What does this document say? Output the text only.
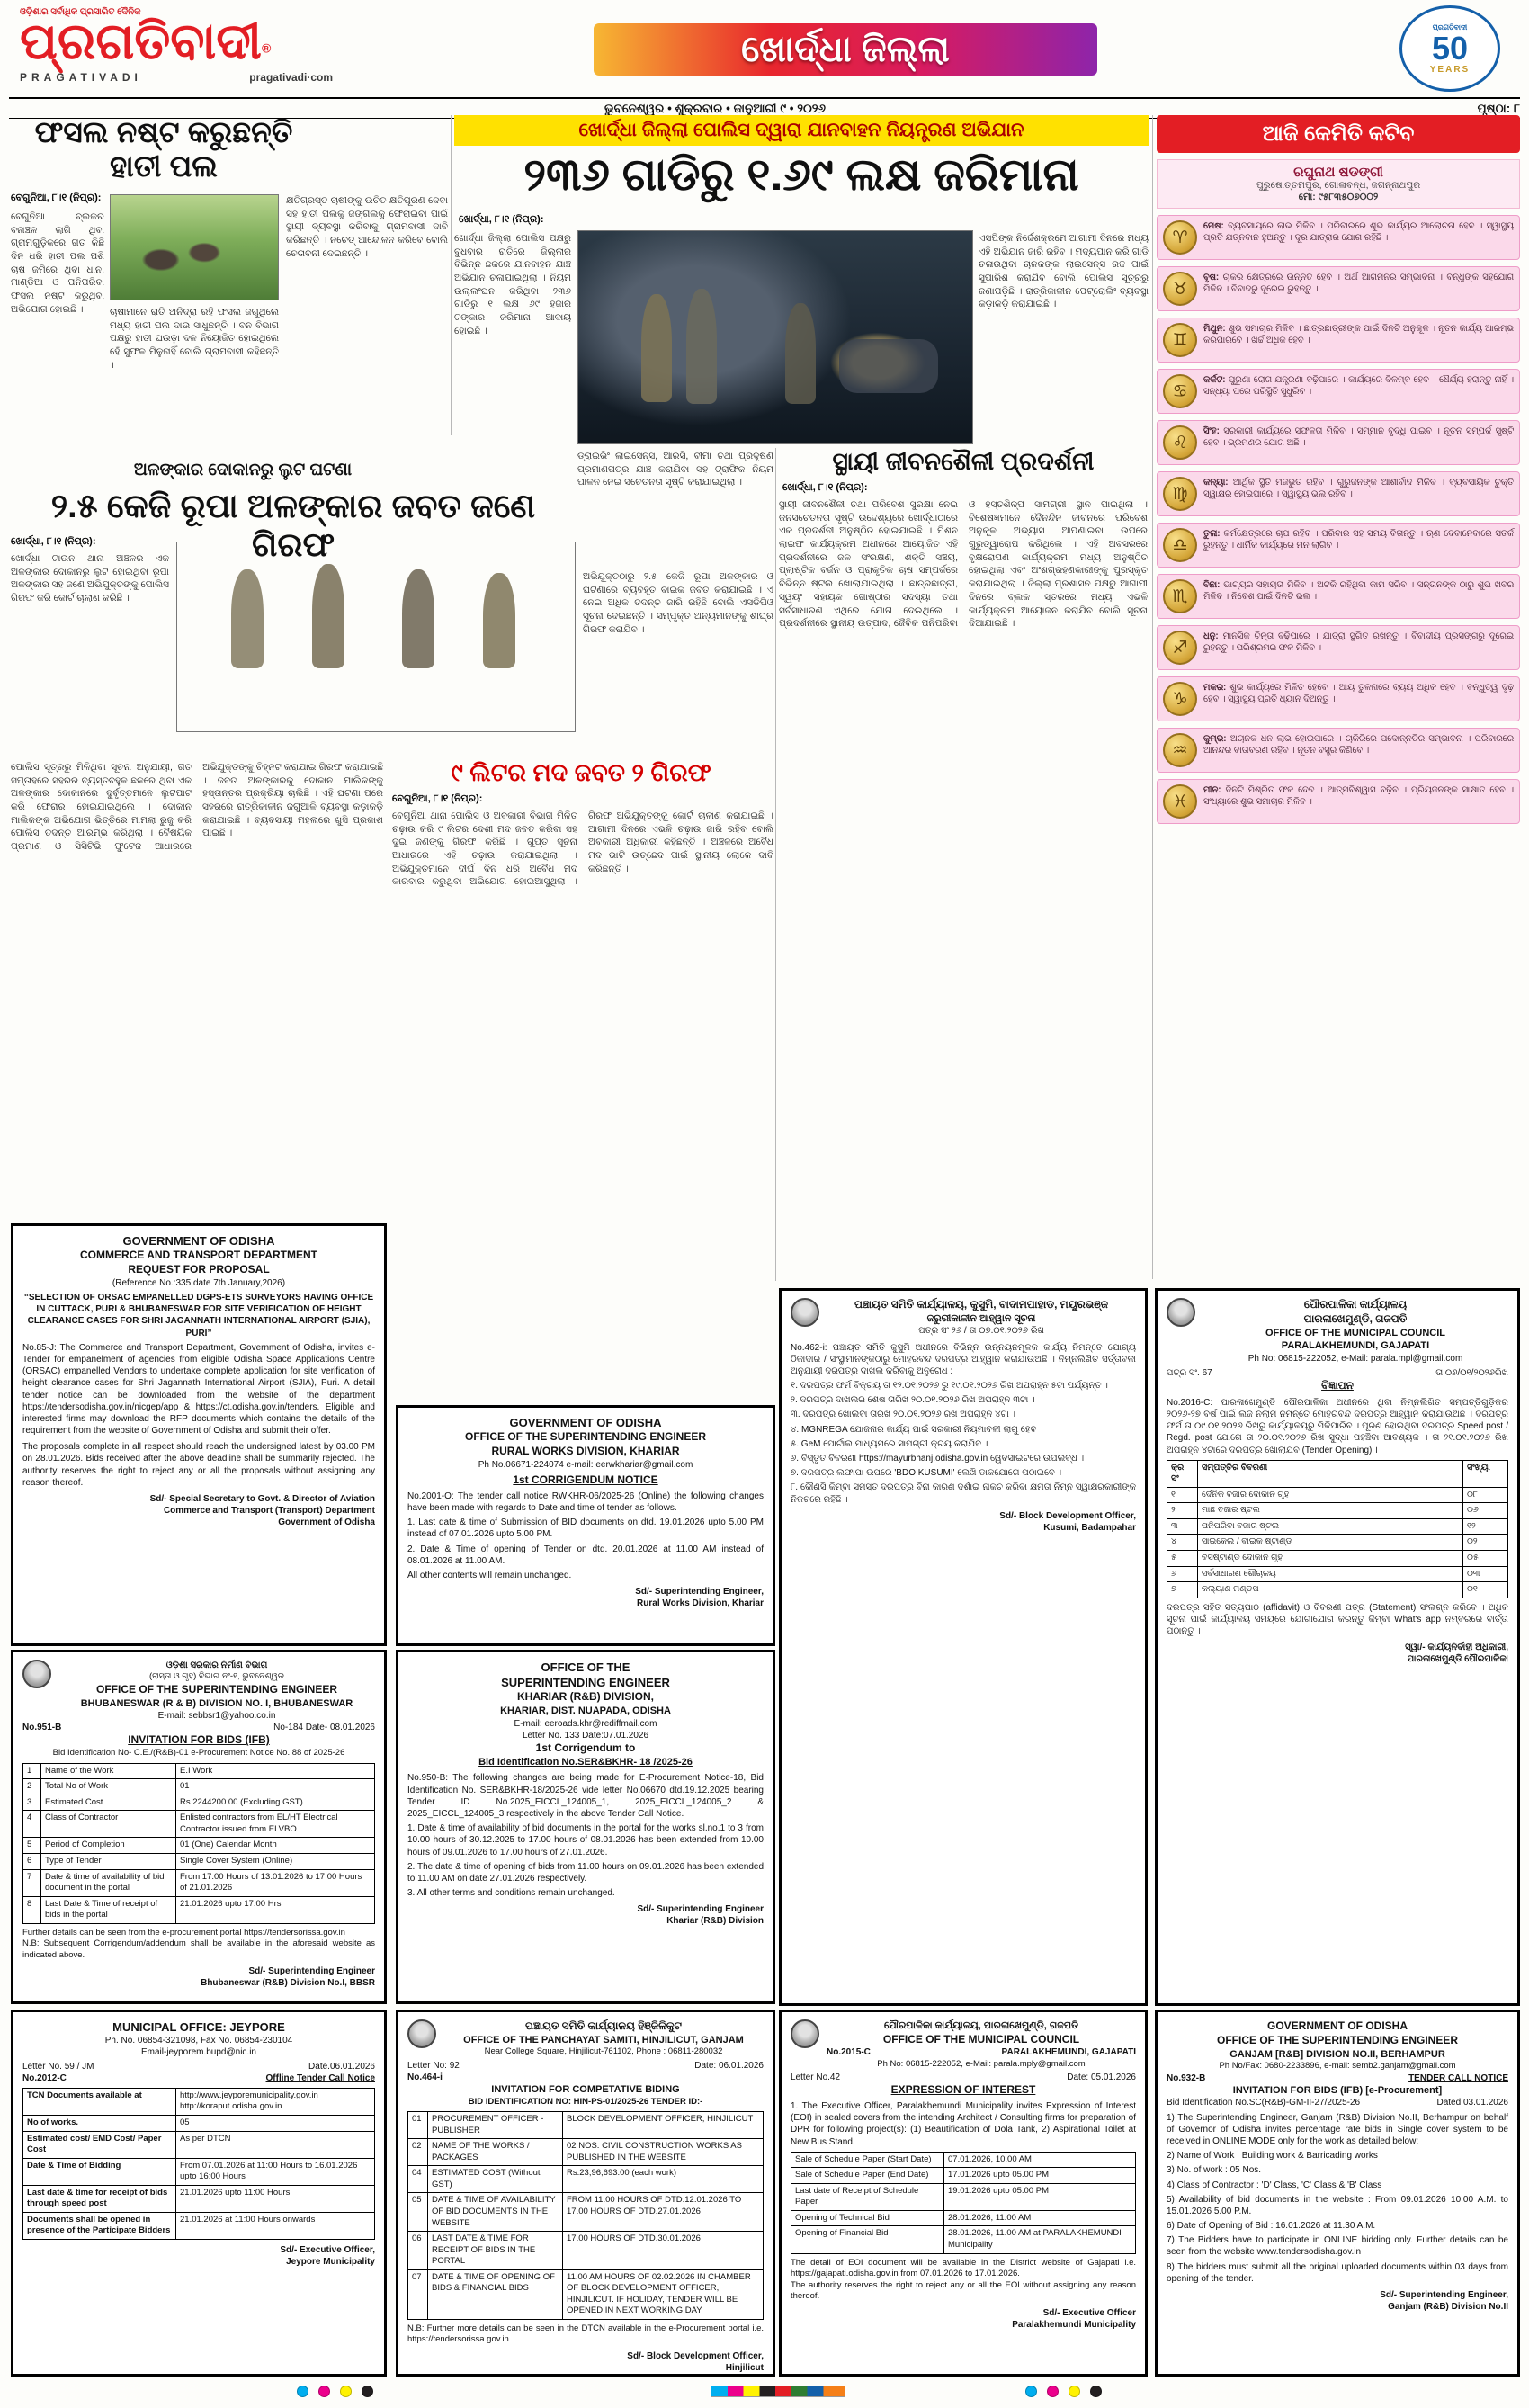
ଓଡ଼ିଶାର ସର୍ବାଧିକ ପ୍ରସାରିତ ଦୈନିକ
ପ୍ରଗତିବାଦୀ®
PRAGATIVADI	pragativadi·com
ଖୋର୍ଦ୍ଧା ଜିଲ୍ଲା
ପ୍ରଗତିବାଦୀ
50
YEARS
ଭୁବନେଶ୍ୱର • ଶୁକ୍ରବାର • ଜାନୁଆରୀ ୯ • ୨୦୨୬	ପୃଷ୍ଠା: ୮
ଫସଲ ନଷ୍ଟ କରୁଛନ୍ତି ହାତୀ ପଲ
ବେଗୁନିଆ, ୮।୧ (ନିପ୍ର):
ବେଗୁନିଆ ବ୍ଲକର ବନାଞ୍ଚଳ ଲାଗି ଥିବା ଗ୍ରାମଗୁଡ଼ିକରେ ଗତ କିଛି ଦିନ ଧରି ହାତୀ ପଲ ପଶି ଚାଷ ଜମିରେ ଥିବା ଧାନ, ମାଣ୍ଡିଆ ଓ ପନିପରିବା ଫସଲ ନଷ୍ଟ କରୁଥିବା ଅଭିଯୋଗ ହୋଇଛି ।	ଚାଷୀମାନେ ରାତି ଅନିଦ୍ରା ରହି ଫସଲ ଜଗୁଥିଲେ ମଧ୍ୟ ହାତୀ ପଲ ଦାଉ ସାଧୁଛନ୍ତି । ବନ ବିଭାଗ ପକ୍ଷରୁ ହାତୀ ଘଉଡ଼ା ଦଳ ନିୟୋଜିତ ହୋଇଥିଲେ ହେଁ ସୁଫଳ ମିଳୁନାହିଁ ବୋଲି ଗ୍ରାମବାସୀ କହିଛନ୍ତି ।
କ୍ଷତିଗ୍ରସ୍ତ ଚାଷୀଙ୍କୁ ଉଚିତ କ୍ଷତିପୂରଣ ଦେବା ସହ ହାତୀ ପଲକୁ ଜଙ୍ଗଲକୁ ଫେରାଇବା ପାଇଁ ସ୍ଥାୟୀ ବ୍ୟବସ୍ଥା କରିବାକୁ ଗ୍ରାମବାସୀ ଦାବି କରିଛନ୍ତି । ନଚେତ୍ ଆନ୍ଦୋଳନ କରିବେ ବୋଲି ଚେତାବନୀ ଦେଇଛନ୍ତି ।
ଖୋର୍ଦ୍ଧା ଜିଲ୍ଲା ପୋଲିସ ଦ୍ୱାରା ଯାନବାହନ ନିୟନ୍ତ୍ରଣ ଅଭିଯାନ
୨୩୬ ଗାଡିରୁ ୧.୬୯ ଲକ୍ଷ ଜରିମାନା
ଖୋର୍ଦ୍ଧା, ୮।୧ (ନିପ୍ର):
ଖୋର୍ଦ୍ଧା ଜିଲ୍ଲା ପୋଲିସ ପକ୍ଷରୁ ବୁଧବାର ରାତିରେ ଜିଲ୍ଲାର ବିଭିନ୍ନ ଛକରେ ଯାନବାହନ ଯାଞ୍ଚ ଅଭିଯାନ ଚଳାଯାଇଥିଲା । ନିୟମ ଉଲ୍ଲଂଘନ କରିଥିବା ୨୩୬ ଗାଡିରୁ ୧ ଲକ୍ଷ ୬୯ ହଜାର ଟଙ୍କାର ଜରିମାନା ଆଦାୟ ହୋଇଛି ।
ଏସପିଙ୍କ ନିର୍ଦ୍ଦେଶକ୍ରମେ ଆଗାମୀ ଦିନରେ ମଧ୍ୟ ଏହି ଅଭିଯାନ ଜାରି ରହିବ । ମଦ୍ୟପାନ କରି ଗାଡି ଚଳାଉଥିବା ଚାଳକଙ୍କ ଲାଇସେନ୍ସ ରଦ୍ଦ ପାଇଁ ସୁପାରିଶ କରାଯିବ ବୋଲି ପୋଲିସ ସୂତ୍ରରୁ ଜଣାପଡ଼ିଛି । ରାତ୍ରିକାଳୀନ ପେଟ୍ରୋଲିଂ ବ୍ୟବସ୍ଥା କଡ଼ାକଡ଼ି କରାଯାଇଛି ।
ଡ୍ରାଇଭିଂ ଲାଇସେନ୍ସ, ଆରସି, ବୀମା ତଥା ପ୍ରଦୂଷଣ ପ୍ରମାଣପତ୍ର ଯାଞ୍ଚ କରାଯିବା ସହ ଟ୍ରାଫିକ ନିୟମ ପାଳନ ନେଇ ସଚେତନତା ସୃଷ୍ଟି କରାଯାଇଥିଲା ।
ଅଳଙ୍କାର ଦୋକାନରୁ ଲୁଟ ଘଟଣା
୨.୫ କେଜି ରୂପା ଅଳଙ୍କାର ଜବତ ଜଣେ ଗିରଫ
ଖୋର୍ଦ୍ଧା, ୮।୧ (ନିପ୍ର):
ଖୋର୍ଦ୍ଧା ଟାଉନ ଥାନା ଅଞ୍ଚଳର ଏକ ଅଳଙ୍କାର ଦୋକାନରୁ ଲୁଟ ହୋଇଥିବା ରୂପା ଅଳଙ୍କାର ସହ ଜଣେ ଅଭିଯୁକ୍ତଙ୍କୁ ପୋଲିସ ଗିରଫ କରି କୋର୍ଟ ଚାଲାଣ କରିଛି ।
ଅଭିଯୁକ୍ତଠାରୁ ୨.୫ କେଜି ରୂପା ଅଳଙ୍କାର ଓ ଘଟଣାରେ ବ୍ୟବହୃତ ବାଇକ ଜବତ କରାଯାଇଛି । ଏ ନେଇ ଅଧିକ ତଦନ୍ତ ଜାରି ରହିଛି ବୋଲି ଏସଡିପିଓ ସୂଚନା ଦେଇଛନ୍ତି । ସମ୍ପୃକ୍ତ ଅନ୍ୟମାନଙ୍କୁ ଶୀଘ୍ର ଗିରଫ କରାଯିବ ।
ପୋଲିସ ସୂତ୍ରରୁ ମିଳିଥିବା ସୂଚନା ଅନୁଯାୟୀ, ଗତ ସପ୍ତାହରେ ସହରର ବ୍ୟସ୍ତବହୁଳ ଛକରେ ଥିବା ଏକ ଅଳଙ୍କାର ଦୋକାନରେ ଦୁର୍ବୃତ୍ତମାନେ ଲୁଟପାଟ କରି ଫେରାର ହୋଇଯାଇଥିଲେ । ଦୋକାନ ମାଲିକଙ୍କ ଅଭିଯୋଗ ଭିତ୍ତିରେ ମାମଲା ରୁଜୁ କରି ପୋଲିସ ତଦନ୍ତ ଆରମ୍ଭ କରିଥିଲା । ବୈଷୟିକ ପ୍ରମାଣ ଓ ସିସିଟିଭି ଫୁଟେଜ ଆଧାରରେ ଅଭିଯୁକ୍ତଙ୍କୁ ଚିହ୍ନଟ କରାଯାଇ ଗିରଫ କରାଯାଇଛି । ଜବତ ଅଳଙ୍କାରକୁ ଦୋକାନ ମାଲିକଙ୍କୁ ହସ୍ତାନ୍ତର ପ୍ରକ୍ରିୟା ଚାଲିଛି । ଏହି ଘଟଣା ପରେ ସହରରେ ରାତ୍ରିକାଳୀନ ଜଗୁଆଳି ବ୍ୟବସ୍ଥା କଡ଼ାକଡ଼ି କରାଯାଇଛି । ବ୍ୟବସାୟୀ ମହଲରେ ଖୁସି ପ୍ରକାଶ ପାଇଛି ।
୯ ଲିଟର ମଦ ଜବତ ୨ ଗିରଫ
ବେଗୁନିଆ, ୮।୧ (ନିପ୍ର):
ବେଗୁନିଆ ଥାନା ପୋଲିସ ଓ ଅବକାରୀ ବିଭାଗ ମିଳିତ ଚଢ଼ାଉ କରି ୯ ଲିଟର ଦେଶୀ ମଦ ଜବତ କରିବା ସହ ଦୁଇ ଜଣଙ୍କୁ ଗିରଫ କରିଛି । ଗୁପ୍ତ ସୂଚନା ଆଧାରରେ ଏହି ଚଢ଼ାଉ କରାଯାଇଥିଲା । ଅଭିଯୁକ୍ତମାନେ ଦୀର୍ଘ ଦିନ ଧରି ଅବୈଧ ମଦ କାରବାର କରୁଥିବା ଅଭିଯୋଗ ହୋଇଆସୁଥିଲା । ଗିରଫ ଅଭିଯୁକ୍ତଙ୍କୁ କୋର୍ଟ ଚାଲାଣ କରାଯାଇଛି । ଆଗାମୀ ଦିନରେ ଏଭଳି ଚଢ଼ାଉ ଜାରି ରହିବ ବୋଲି ଅବକାରୀ ଅଧିକାରୀ କହିଛନ୍ତି । ଅଞ୍ଚଳରେ ଅବୈଧ ମଦ ଭାଟି ଉଚ୍ଛେଦ ପାଇଁ ସ୍ଥାନୀୟ ଲୋକେ ଦାବି କରିଛନ୍ତି ।
ସ୍ଥାୟୀ ଜୀବନଶୈଳୀ ପ୍ରଦର୍ଶନୀ
ଖୋର୍ଦ୍ଧା, ୮।୧ (ନିପ୍ର):
ସ୍ଥାୟୀ ଜୀବନଶୈଳୀ ତଥା ପରିବେଶ ସୁରକ୍ଷା ନେଇ ଜନସଚେତନତା ସୃଷ୍ଟି ଉଦ୍ଦେଶ୍ୟରେ ଖୋର୍ଦ୍ଧାଠାରେ ଏକ ପ୍ରଦର୍ଶନୀ ଅନୁଷ୍ଠିତ ହୋଇଯାଇଛି । ମିଶନ ଲାଇଫ କାର୍ଯ୍ୟକ୍ରମ ଅଧୀନରେ ଆୟୋଜିତ ଏହି ପ୍ରଦର୍ଶନୀରେ ଜଳ ସଂରକ୍ଷଣ, ଶକ୍ତି ସଞ୍ଚୟ, ପ୍ଲାଷ୍ଟିକ ବର୍ଜନ ଓ ପ୍ରାକୃତିକ ଚାଷ ସମ୍ପର୍କରେ ବିଭିନ୍ନ ଷ୍ଟଲ ଖୋଲାଯାଇଥିଲା । ଛାତ୍ରଛାତ୍ରୀ, ସ୍ୱୟଂ ସହାୟକ ଗୋଷ୍ଠୀର ସଦସ୍ୟା ତଥା ସର୍ବସାଧାରଣ ଏଥିରେ ଯୋଗ ଦେଇଥିଲେ । ପ୍ରଦର୍ଶନୀରେ ସ୍ଥାନୀୟ ଉତ୍ପାଦ, ଜୈବିକ ପନିପରିବା ଓ ହସ୍ତଶିଳ୍ପ ସାମଗ୍ରୀ ସ୍ଥାନ ପାଇଥିଲା । ବିଶେଷଜ୍ଞମାନେ ଦୈନନ୍ଦିନ ଜୀବନରେ ପରିବେଶ ଅନୁକୂଳ ଅଭ୍ୟାସ ଆପଣାଇବା ଉପରେ ଗୁରୁତ୍ୱାରୋପ କରିଥିଲେ । ଏହି ଅବସରରେ ବୃକ୍ଷରୋପଣ କାର୍ଯ୍ୟକ୍ରମ ମଧ୍ୟ ଅନୁଷ୍ଠିତ ହୋଇଥିଲା ଏବଂ ଅଂଶଗ୍ରହଣକାରୀଙ୍କୁ ପୁରସ୍କୃତ କରାଯାଇଥିଲା । ଜିଲ୍ଲା ପ୍ରଶାସନ ପକ୍ଷରୁ ଆଗାମୀ ଦିନରେ ବ୍ଲକ ସ୍ତରରେ ମଧ୍ୟ ଏଭଳି କାର୍ଯ୍ୟକ୍ରମ ଆୟୋଜନ କରାଯିବ ବୋଲି ସୂଚନା ଦିଆଯାଇଛି ।
ଆଜି କେମିତି କଟିବ
ରଘୁନାଥ ଷଡଙ୍ଗୀ
ପୁରୁଷୋତ୍ତମପୁର, ଗୋଳାବନ୍ଧ, ଜଗନ୍ନାଥପୁର
ମୋ: ୯୫୮୩୫୦୭୦୦୨
♈
ମେଷ: ବ୍ୟବସାୟରେ ଲାଭ ମିଳିବ । ପରିବାରରେ ଶୁଭ କାର୍ଯ୍ୟର ଆଲୋଚନା ହେବ । ସ୍ୱାସ୍ଥ୍ୟ ପ୍ରତି ଯତ୍ନବାନ ହୁଅନ୍ତୁ । ଦୂର ଯାତ୍ରାର ଯୋଗ ରହିଛି ।
♉
ବୃଷ: ଚାକିରି କ୍ଷେତ୍ରରେ ଉନ୍ନତି ହେବ । ଅର୍ଥ ଆଗମନର ସମ୍ଭାବନା । ବନ୍ଧୁଙ୍କ ସହଯୋଗ ମିଳିବ । ବିବାଦରୁ ଦୂରେଇ ରୁହନ୍ତୁ ।
♊
ମିଥୁନ: ଶୁଭ ସମାଚାର ମିଳିବ । ଛାତ୍ରଛାତ୍ରୀଙ୍କ ପାଇଁ ଦିନଟି ଅନୁକୂଳ । ନୂତନ କାର୍ଯ୍ୟ ଆରମ୍ଭ କରିପାରିବେ । ଖର୍ଚ୍ଚ ଅଧିକ ହେବ ।
♋
କର୍କଟ: ପୁରୁଣା ରୋଗ ଯନ୍ତ୍ରଣା ବଢ଼ିପାରେ । କାର୍ଯ୍ୟରେ ବିଳମ୍ବ ହେବ । ଧୈର୍ଯ୍ୟ ହରାନ୍ତୁ ନାହିଁ । ସନ୍ଧ୍ୟା ପରେ ପରିସ୍ଥିତି ସୁଧୁରିବ ।
♌
ସିଂହ: ସରକାରୀ କାର୍ଯ୍ୟରେ ସଫଳତା ମିଳିବ । ସମ୍ମାନ ବୃଦ୍ଧି ପାଇବ । ନୂତନ ସମ୍ପର୍କ ସୃଷ୍ଟି ହେବ । ଭ୍ରମଣର ଯୋଗ ଅଛି ।
♍
କନ୍ୟା: ଆର୍ଥିକ ସ୍ଥିତି ମଜଭୁତ ରହିବ । ଗୁରୁଜନଙ୍କ ଆଶୀର୍ବାଦ ମିଳିବ । ବ୍ୟବସାୟିକ ଚୁକ୍ତି ସ୍ୱାକ୍ଷର ହୋଇପାରେ । ସ୍ୱାସ୍ଥ୍ୟ ଭଲ ରହିବ ।
♎
ତୁଳା: କର୍ମକ୍ଷେତ୍ରରେ ଚାପ ରହିବ । ପରିବାର ସହ ସମୟ ବିତାନ୍ତୁ । ଋଣ ଦେବାନେବାରେ ସତର୍କ ରୁହନ୍ତୁ । ଧାର୍ମିକ କାର୍ଯ୍ୟରେ ମନ ଲାଗିବ ।
♏
ବିଛା: ଭାଗ୍ୟର ସହାୟତା ମିଳିବ । ଅଟକି ରହିଥିବା କାମ ସରିବ । ସନ୍ତାନଙ୍କ ଠାରୁ ଶୁଭ ଖବର ମିଳିବ । ନିବେଶ ପାଇଁ ଦିନଟି ଭଲ ।
♐
ଧନୁ: ମାନସିକ ଚିନ୍ତା ବଢ଼ିପାରେ । ଯାତ୍ରା ସ୍ଥଗିତ ରଖନ୍ତୁ । ବିବାଦୀୟ ପ୍ରସଙ୍ଗରୁ ଦୂରେଇ ରୁହନ୍ତୁ । ପରିଶ୍ରମର ଫଳ ମିଳିବ ।
♑
ମକର: ଶୁଭ କାର୍ଯ୍ୟରେ ମିଳିତ ହେବେ । ଆୟ ତୁଳନାରେ ବ୍ୟୟ ଅଧିକ ହେବ । ବନ୍ଧୁତ୍ୱ ଦୃଢ଼ ହେବ । ସ୍ୱାସ୍ଥ୍ୟ ପ୍ରତି ଧ୍ୟାନ ଦିଅନ୍ତୁ ।
♒
କୁମ୍ଭ: ଅଚାନକ ଧନ ଲାଭ ହୋଇପାରେ । ଚାକିରିରେ ପଦୋନ୍ନତିର ସମ୍ଭାବନା । ପରିବାରରେ ଆନନ୍ଦର ବାତାବରଣ ରହିବ । ନୂତନ ବସ୍ତ୍ର କିଣିବେ ।
♓
ମୀନ: ଦିନଟି ମିଶ୍ରିତ ଫଳ ଦେବ । ଆତ୍ମବିଶ୍ୱାସ ବଢ଼ିବ । ପ୍ରିୟଜନଙ୍କ ସାକ୍ଷାତ ହେବ । ସଂଧ୍ୟାରେ ଶୁଭ ସମାଚାର ମିଳିବ ।
GOVERNMENT OF ODISHA
COMMERCE AND TRANSPORT DEPARTMENT
REQUEST FOR PROPOSAL
(Reference No.:335 date 7th January,2026)
“SELECTION OF ORSAC EMPANELLED DGPS-ETS SURVEYORS HAVING OFFICE IN CUTTACK, PURI & BHUBANESWAR FOR SITE VERIFICATION OF HEIGHT CLEARANCE CASES FOR SHRI JAGANNATH INTERNATIONAL AIRPORT (SJIA), PURI”
No.85-J: The Commerce and Transport Department, Government of Odisha, invites e-Tender for empanelment of agencies from eligible Odisha Space Applications Centre (ORSAC) empanelled Vendors to undertake complete application for site verification of height clearance cases for Shri Jagannath International Airport (SJIA), Puri. A detail tender notice can be downloaded from the website of the department https://tendersodisha.gov.in/nicgep/app & https://ct.odisha.gov.in/tenders. Eligible and interested firms may download the RFP documents which contains the details of the requirement from the website of Government of Odisha and submit their offer.
The proposals complete in all respect should reach the undersigned latest by 03.00 PM on 28.01.2026. Bids received after the above deadline shall be summarily rejected. The authority reserves the right to reject any or all the proposals without assigning any reason thereof.
Sd/- Special Secretary to Govt. & Director of Aviation
Commerce and Transport (Transport) Department
Government of Odisha
GOVERNMENT OF ODISHA
OFFICE OF THE SUPERINTENDING ENGINEER
RURAL WORKS DIVISION, KHARIAR
Ph No.06671-224074 e-mail: eerwkhariar@gmail.com
1st CORRIGENDUM NOTICE
No.2001-O: The tender call notice RWKHR-06/2025-26 (Online) the following changes have been made with regards to Date and time of tender as follows.
1. Last date & time of Submission of BID documents on dtd. 19.01.2026 upto 5.00 PM instead of 07.01.2026 upto 5.00 PM.
2. Date & Time of opening of Tender on dtd. 20.01.2026 at 11.00 AM instead of 08.01.2026 at 11.00 AM.
All other contents will remain unchanged.
Sd/- Superintending Engineer,
Rural Works Division, Khariar
ପଞ୍ଚାୟତ ସମିତି କାର୍ଯ୍ୟାଳୟ, କୁସୁମି, ବାଦାମପାହାଡ, ମୟୂରଭଞ୍ଜ
ଜରୁରୀକାଳୀନ ଆହ୍ୱାନ ସୂଚନା
ପତ୍ର ସଂ ୨୬ / ତା ୦୭.୦୧.୨୦୨୬ ରିଖ
No.462-i: ପଞ୍ଚାୟତ ସମିତି କୁସୁମି ଅଧୀନରେ ବିଭିନ୍ନ ଉନ୍ନୟନମୂଳକ କାର୍ଯ୍ୟ ନିମନ୍ତେ ଯୋଗ୍ୟ ଠିକାଦାର / ସଂସ୍ଥାମାନଙ୍କଠାରୁ ମୋହରବନ୍ଦ ଦରପତ୍ର ଆହ୍ୱାନ କରାଯାଉଅଛି । ନିମ୍ନଲିଖିତ ସର୍ତ୍ତାବଳୀ ଅନୁଯାୟୀ ଦରପତ୍ର ଦାଖଲ କରିବାକୁ ଅନୁରୋଧ :
୧. ଦରପତ୍ର ଫର୍ମ ବିକ୍ରୟ ତା ୧୨.୦୧.୨୦୨୬ ରୁ ୧୯.୦୧.୨୦୨୬ ରିଖ ଅପରାହ୍ନ ୫ଟା ପର୍ଯ୍ୟନ୍ତ ।
୨. ଦରପତ୍ର ଦାଖଲର ଶେଷ ତାରିଖ ୨୦.୦୧.୨୦୨୬ ରିଖ ଅପରାହ୍ନ ୩ଟା ।
୩. ଦରପତ୍ର ଖୋଲିବା ତାରିଖ ୨୦.୦୧.୨୦୨୬ ରିଖ ଅପରାହ୍ନ ୪ଟା ।
୪. MGNREGA ଯୋଜନାର କାର୍ଯ୍ୟ ପାଇଁ ସରକାରୀ ନିୟମାବଳୀ ଲାଗୁ ହେବ ।
୫. GeM ପୋର୍ଟାଲ ମାଧ୍ୟମରେ ସାମଗ୍ରୀ କ୍ରୟ କରାଯିବ ।
୬. ବିସ୍ତୃତ ବିବରଣୀ https://mayurbhanj.odisha.gov.in ୱେବସାଇଟରେ ଉପଲବ୍ଧ ।
୭. ଦରପତ୍ର ଲଫାପା ଉପରେ 'BDO KUSUMI' ଲେଖି ଡାକଯୋଗେ ପଠାଇବେ ।
୮. କୌଣସି କିମ୍ବା ସମସ୍ତ ଦରପତ୍ର ବିନା କାରଣ ଦର୍ଶାଇ ନାକଚ କରିବା କ୍ଷମତା ନିମ୍ନ ସ୍ୱାକ୍ଷରକାରୀଙ୍କ ନିକଟରେ ରହିଛି ।
Sd/- Block Development Officer,
Kusumi, Badampahar
ପୌରପାଳିକା କାର୍ଯ୍ୟାଳୟ
ପାରଳାଖେମୁଣ୍ଡି, ଗଜପତି
OFFICE OF THE MUNICIPAL COUNCIL
PARALAKHEMUNDI, GAJAPATI
Ph No: 06815-222052, e-Mail: parala.mpl@gmail.com
ପତ୍ର ସଂ. 67	ତା.୦୬/୦୧/୨୦୨୬ରିଖ
ବିଜ୍ଞାପନ
No.2016-C: ପାରଳାଖେମୁଣ୍ଡି ପୌରପାଳିକା ଅଧୀନରେ ଥିବା ନିମ୍ନଲିଖିତ ସମ୍ପତ୍ତିଗୁଡ଼ିକର ୨୦୨୬-୨୭ ବର୍ଷ ପାଇଁ ଲିଜ ନିଲାମ ନିମନ୍ତେ ମୋହରବନ୍ଦ ଦରପତ୍ର ଆହ୍ୱାନ କରାଯାଉଅଛି । ଦରପତ୍ର ଫର୍ମ ତା ୦୯.୦୧.୨୦୨୬ ରିଖରୁ କାର୍ଯ୍ୟାଳୟରୁ ମିଳିପାରିବ । ପୂରଣ ହୋଇଥିବା ଦରପତ୍ର Speed post / Regd. post ଯୋଗେ ତା ୨୦.୦୧.୨୦୨୬ ରିଖ ସୁଦ୍ଧା ପହଞ୍ଚିବା ଆବଶ୍ୟକ । ତା ୨୧.୦୧.୨୦୨୬ ରିଖ ଅପରାହ୍ନ ୪ଟାରେ ଦରପତ୍ର ଖୋଲାଯିବ (Tender Opening) ।
କ୍ର ସଂ	ସମ୍ପତ୍ତିର ବିବରଣୀ	ସଂଖ୍ୟା
୧	ଦୈନିକ ବଜାର ଦୋକାନ ଗୃହ	୦୮
୨	ମାଛ ବଜାର ଷ୍ଟଲ	୦୬
୩	ପନିପରିବା ବଜାର ଷ୍ଟଲ	୧୨
୪	ସାଇକେଲ / ବାଇକ ଷ୍ଟାଣ୍ଡ	୦୨
୫	ବସଷ୍ଟାଣ୍ଡ ଦୋକାନ ଗୃହ	୦୫
୬	ସର୍ବସାଧାରଣ ଶୌଚାଳୟ	୦୩
୭	କଲ୍ୟାଣ ମଣ୍ଡପ	୦୧
ଦରପତ୍ର ସହିତ ସତ୍ୟପାଠ (affidavit) ଓ ବିବରଣୀ ପତ୍ର (Statement) ସଂଲଗ୍ନ କରିବେ । ଅଧିକ ସୂଚନା ପାଇଁ କାର୍ଯ୍ୟାଳୟ ସମୟରେ ଯୋଗାଯୋଗ କରନ୍ତୁ କିମ୍ବା What's app ନମ୍ବରରେ ବାର୍ତ୍ତା ପଠାନ୍ତୁ ।
ସ୍ୱା/- କାର୍ଯ୍ୟନିର୍ବାହୀ ଅଧିକାରୀ,
ପାରଳାଖେମୁଣ୍ଡି ପୌରପାଳିକା
ଓଡ଼ିଶା ସରକାର ନିର୍ମାଣ ବିଭାଗ
(ରାସ୍ତା ଓ ଗୃହ) ବିଭାଗ ନଂ-୧, ଭୁବନେଶ୍ୱର
OFFICE OF THE SUPERINTENDING ENGINEER
BHUBANESWAR (R & B) DIVISION NO. I, BHUBANESWAR
E-mail: sebbsr1@yahoo.co.in
No.951-B	No-184 Date- 08.01.2026
INVITATION FOR BIDS (IFB)
Bid Identification No- C.E./(R&B)-01 e-Procurement Notice No. 88 of 2025-26
1	Name of the Work	E.I Work
2	Total No of Work	01
3	Estimated Cost	Rs.2244200.00 (Excluding GST)
4	Class of Contractor	Enlisted contractors from EL/HT Electrical Contractor issued from ELVBO
5	Period of Completion	01 (One) Calendar Month
6	Type of Tender	Single Cover System (Online)
7	Date & time of availability of bid document in the portal	From 17.00 Hours of 13.01.2026 to 17.00 Hours of 21.01.2026
8	Last Date & Time of receipt of bids in the portal	21.01.2026 upto 17.00 Hrs
Further details can be seen from the e-procurement portal https://tendersorissa.gov.in
N.B: Subsequent Corrigendum/addendum shall be available in the aforesaid website as indicated above.
Sd/- Superintending Engineer
Bhubaneswar (R&B) Division No.I, BBSR
OFFICE OF THE
SUPERINTENDING ENGINEER
KHARIAR (R&B) DIVISION,
KHARIAR, DIST. NUAPADA, ODISHA
E-mail: eeroads.khr@rediffmail.com
Letter No. 133 Date:07.01.2026
1st Corrigendum to
Bid Identification No.SER&BKHR- 18 /2025-26
No.950-B: The following changes are being made for E-Procurement Notice-18, Bid Identification No. SER&BKHR-18/2025-26 vide letter No.06670 dtd.19.12.2025 bearing Tender ID No.2025_EICCL_124005_1, 2025_EICCL_124005_2 & 2025_EICCL_124005_3 respectively in the above Tender Call Notice.
1. Date & time of availability of bid documents in the portal for the works sl.no.1 to 3 from 10.00 hours of 30.12.2025 to 17.00 hours of 08.01.2026 has been extended from 10.00 hours of 09.01.2026 to 17.00 hours of 27.01.2026.
2. The date & time of opening of bids from 11.00 hours on 09.01.2026 has been extended to 11.00 AM on date 27.01.2026 respectively.
3. All other terms and conditions remain unchanged.
Sd/- Superintending Engineer
Khariar (R&B) Division
MUNICIPAL OFFICE: JEYPORE
Ph. No. 06854-321098, Fax No. 06854-230104
Email-jeyporem.bupd@nic.in
Letter No. 59 / JM	Date.06.01.2026
No.2012-C	Offline Tender Call Notice
TCN Documents available at	http://www.jeyporemunicipality.gov.in http://koraput.odisha.gov.in
No of works.	05
Estimated cost/ EMD Cost/ Paper Cost	As per DTCN
Date & Time of Bidding	From 07.01.2026 at 11:00 Hours to 16.01.2026 upto 16:00 Hours
Last date & time for receipt of bids through speed post	21.01.2026 upto 11:00 Hours
Documents shall be opened in presence of the Participate Bidders	21.01.2026 at 11:00 Hours onwards
Sd/- Executive Officer,
Jeypore Municipality
ପଞ୍ଚାୟତ ସମିତି କାର୍ଯ୍ୟାଳୟ ହିଞ୍ଜିଳିକୁଟ
OFFICE OF THE PANCHAYAT SAMITI, HINJILICUT, GANJAM
Near College Square, Hinjilicut-761102, Phone : 06811-280032
Letter No: 92	Date: 06.01.2026
No.464-i
INVITATION FOR COMPETATIVE BIDING
BID IDENTIFICATION NO: HIN-PS-01/2025-26 TENDER ID:-
01	PROCUREMENT OFFICER - PUBLISHER	BLOCK DEVELOPMENT OFFICER, HINJILICUT
02	NAME OF THE WORKS / PACKAGES	02 NOS. CIVIL CONSTRUCTION WORKS AS PUBLISHED IN THE WEBSITE
04	ESTIMATED COST (Without GST)	Rs.23,96,693.00 (each work)
05	DATE & TIME OF AVAILABILITY OF BID DOCUMENTS IN THE WEBSITE	FROM 11.00 HOURS OF DTD.12.01.2026 TO 17.00 HOURS OF DTD.27.01.2026
06	LAST DATE & TIME FOR RECEIPT OF BIDS IN THE PORTAL	17.00 HOURS OF DTD.30.01.2026
07	DATE & TIME OF OPENING OF BIDS & FINANCIAL BIDS	11.00 AM HOURS OF 02.02.2026 IN CHAMBER OF BLOCK DEVELOPMENT OFFICER, HINJILICUT. IF HOLIDAY, TENDER WILL BE OPENED IN NEXT WORKING DAY
N.B: Further more details can be seen in the DTCN available in the e-Procurement portal i.e. https://tendersorissa.gov.in
Sd/- Block Development Officer,
Hinjilicut
ପୌରପାଳିକା କାର୍ଯ୍ୟାଳୟ, ପାରଳାଖେମୁଣ୍ଡି, ଗଜପତି
OFFICE OF THE MUNICIPAL COUNCIL
No.2015-C	PARALAKHEMUNDI, GAJAPATI
Ph No: 06815-222052, e-Mail: parala.mply@gmail.com
Letter No.42	Date: 05.01.2026
EXPRESSION OF INTEREST
1. The Executive Officer, Paralakhemundi Municipality invites Expression of Interest (EOI) in sealed covers from the intending Architect / Consulting firms for preparation of DPR for following project(s): (1) Beautification of Dola Tank, 2) Aspirational Toilet at New Bus Stand.
Sale of Schedule Paper (Start Date)	07.01.2026, 10.00 AM
Sale of Schedule Paper (End Date)	17.01.2026 upto 05.00 PM
Last date of Receipt of Schedule Paper	19.01.2026 upto 05.00 PM
Opening of Technical Bid	28.01.2026, 11.00 AM
Opening of Financial Bid	28.01.2026, 11.00 AM at PARALAKHEMUNDI Municipality
The detail of EOI document will be available in the District website of Gajapati i.e. https://gajapati.odisha.gov.in from 07.01.2026 to 17.01.2026.
The authority reserves the right to reject any or all the EOI without assigning any reason thereof.
Sd/- Executive Officer
Paralakhemundi Municipality
GOVERNMENT OF ODISHA
OFFICE OF THE SUPERINTENDING ENGINEER
GANJAM [R&B] DIVISION NO.II, BERHAMPUR
Ph No/Fax: 0680-2233896, e-mail: semb2.ganjam@gmail.com
No.932-B	TENDER CALL NOTICE
INVITATION FOR BIDS (IFB) [e-Procurement]
Bid Identification No.SC(R&B)-GM-II-27/2025-26	Dated.03.01.2026
1) The Superintending Engineer, Ganjam (R&B) Division No.II, Berhampur on behalf of Governor of Odisha invites percentage rate bids in Single cover system to be received in ONLINE MODE only for the work as detailed below:
2) Name of Work : Building work & Barricading works
3) No. of work : 05 Nos.
4) Class of Contractor : 'D' Class, 'C' Class & 'B' Class
5) Availability of bid documents in the website : From 09.01.2026 10.00 A.M. to 15.01.2026 5.00 P.M.
6) Date of Opening of Bid : 16.01.2026 at 11.30 A.M.
7) The Bidders have to participate in ONLINE bidding only. Further details can be seen from the website www.tendersodisha.gov.in
8) The bidders must submit all the original uploaded documents within 03 days from opening of the tender.
Sd/- Superintending Engineer,
Ganjam (R&B) Division No.II
